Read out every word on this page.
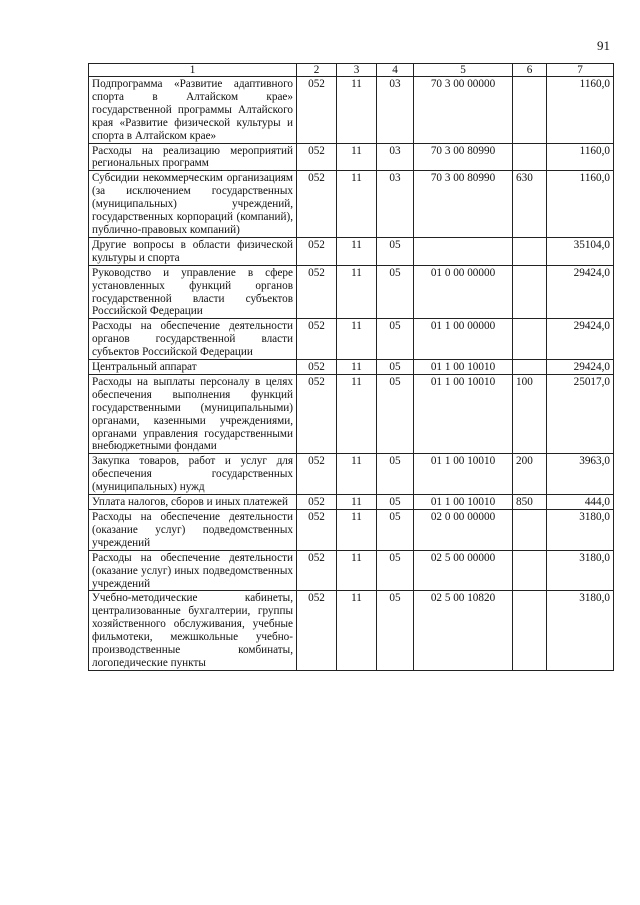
91
1	2	3	4	5	6	7
Подпрограмма «Развитие адаптивного спорта в Алтайском крае» государственной программы Алтайского края «Развитие физической культуры и спорта в Алтайском крае»	052	11	03	70 3 00 00000		1160,0
Расходы на реализацию мероприятий региональных программ	052	11	03	70 3 00 80990		1160,0
Субсидии некоммерческим организациям (за исключением государственных (муниципальных) учреждений, государственных корпораций (компаний), публично-правовых компаний)	052	11	03	70 3 00 80990	630	1160,0
Другие вопросы в области физической культуры и спорта	052	11	05			35104,0
Руководство и управление в сфере установленных функций органов государственной власти субъектов Российской Федерации	052	11	05	01 0 00 00000		29424,0
Расходы на обеспечение деятельности органов государственной власти субъектов Российской Федерации	052	11	05	01 1 00 00000		29424,0
Центральный аппарат	052	11	05	01 1 00 10010		29424,0
Расходы на выплаты персоналу в целях обеспечения выполнения функций государственными (муниципальными) органами, казенными учреждениями, органами управления государственными внебюджетными фондами	052	11	05	01 1 00 10010	100	25017,0
Закупка товаров, работ и услуг для обеспечения государственных (муниципальных) нужд	052	11	05	01 1 00 10010	200	3963,0
Уплата налогов, сборов и иных платежей	052	11	05	01 1 00 10010	850	444,0
Расходы на обеспечение деятельности (оказание услуг) подведомственных учреждений	052	11	05	02 0 00 00000		3180,0
Расходы на обеспечение деятельности (оказание услуг) иных подведомственных учреждений	052	11	05	02 5 00 00000		3180,0
Учебно-методические кабинеты, централизованные бухгалтерии, группы хозяйственного обслуживания, учебные фильмотеки, межшкольные учебно-производственные комбинаты, логопедические пункты	052	11	05	02 5 00 10820		3180,0
